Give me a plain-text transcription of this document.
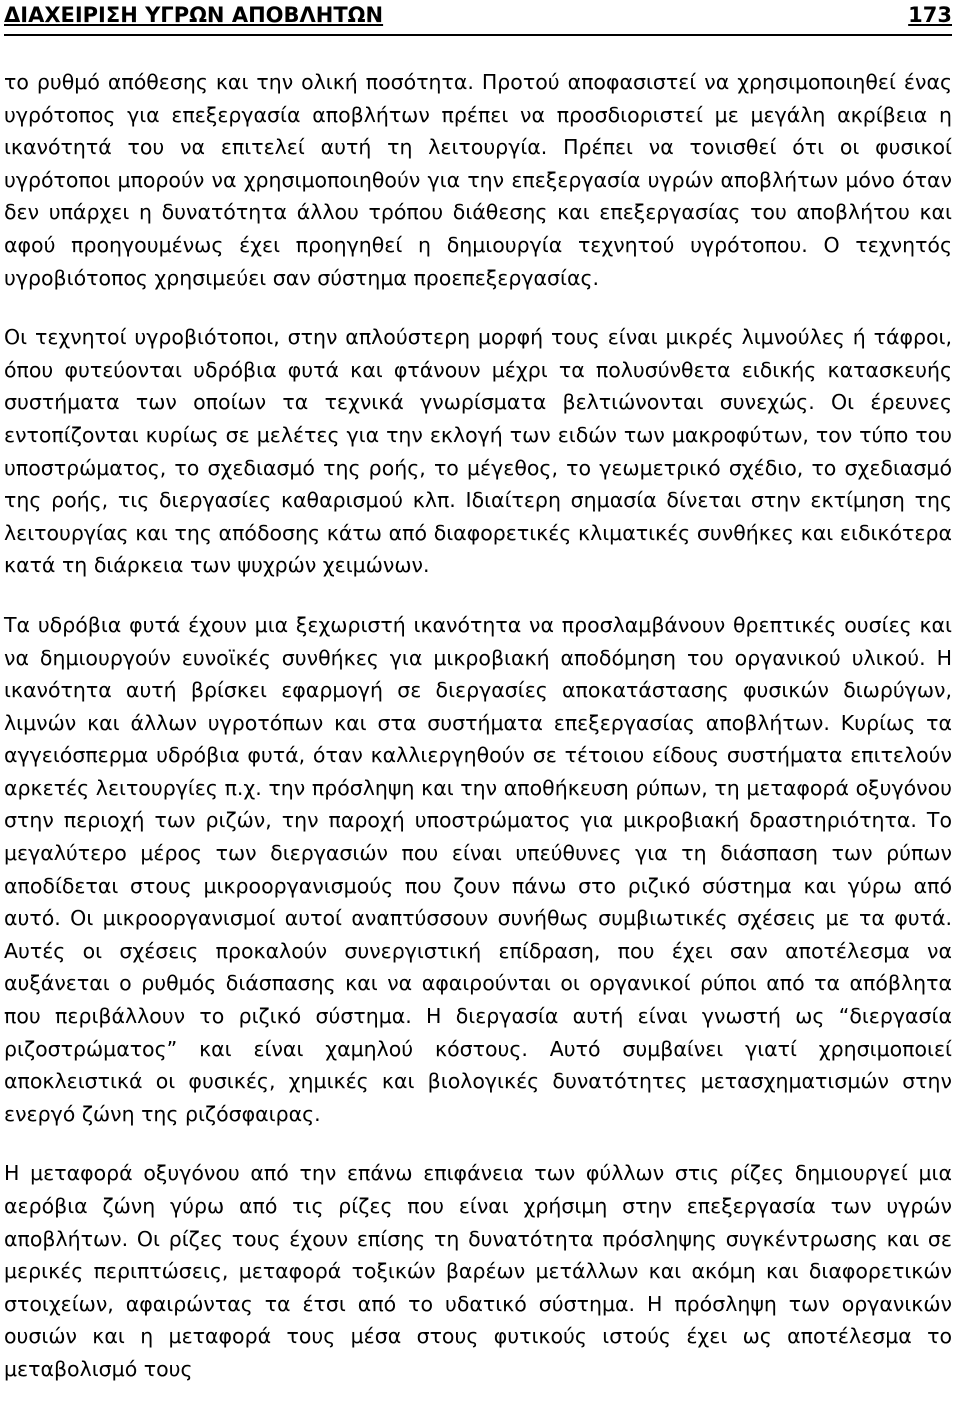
ΔΙΑΧΕΙΡΙΣΗ ΥΓΡΩΝ ΑΠΟΒΛΗΤΩΝ	173

το ρυθμό απόθεσης και την ολική ποσότητα. Προτού αποφασιστεί να χρησιμοποιηθεί ένας υγρότοπος για επεξεργασία αποβλήτων πρέπει να προσδιοριστεί με μεγάλη ακρίβεια η ικανότητά του να επιτελεί αυτή τη λειτουργία. Πρέπει να τονισθεί ότι οι φυσικοί υγρότοποι μπορούν να χρησιμοποιηθούν για την επεξεργασία υγρών αποβλήτων μόνο όταν δεν υπάρχει η δυνατότητα άλλου τρόπου διάθεσης και επεξεργασίας του αποβλήτου και αφού προηγουμένως έχει προηγηθεί η δημιουργία τεχνητού υγρότοπου. Ο τεχνητός υγροβιότοπος χρησιμεύει σαν σύστημα προεπεξεργασίας.

Οι τεχνητοί υγροβιότοποι, στην απλούστερη μορφή τους είναι μικρές λιμνούλες ή τάφροι, όπου φυτεύονται υδρόβια φυτά και φτάνουν μέχρι τα πολυσύνθετα ειδικής κατασκευής συστήματα των οποίων τα τεχνικά γνωρίσματα βελτιώνονται συνεχώς. Οι έρευνες εντοπίζονται κυρίως σε μελέτες για την εκλογή των ειδών των μακροφύτων, τον τύπο του υποστρώματος, το σχεδιασμό της ροής, το μέγεθος, το γεωμετρικό σχέδιο, το σχεδιασμό της ροής, τις διεργασίες καθαρισμού κλπ. Ιδιαίτερη σημασία δίνεται στην εκτίμηση της λειτουργίας και της απόδοσης κάτω από διαφορετικές κλιματικές συνθήκες και ειδικότερα κατά τη διάρκεια των ψυχρών χειμώνων.

Τα υδρόβια φυτά έχουν μια ξεχωριστή ικανότητα να προσλαμβάνουν θρεπτικές ουσίες και να δημιουργούν ευνοϊκές συνθήκες για μικροβιακή αποδόμηση του οργανικού υλικού. Η ικανότητα αυτή βρίσκει εφαρμογή σε διεργασίες αποκατάστασης φυσικών διωρύγων, λιμνών και άλλων υγροτόπων και στα συστήματα επεξεργασίας αποβλήτων. Κυρίως τα αγγειόσπερμα υδρόβια φυτά, όταν καλλιεργηθούν σε τέτοιου είδους συστήματα επιτελούν αρκετές λειτουργίες π.χ. την πρόσληψη και την αποθήκευση ρύπων, τη μεταφορά οξυγόνου στην περιοχή των ριζών, την παροχή υποστρώματος για μικροβιακή δραστηριότητα. Το μεγαλύτερο μέρος των διεργασιών που είναι υπεύθυνες για τη διάσπαση των ρύπων αποδίδεται στους μικροοργανισμούς που ζουν πάνω στο ριζικό σύστημα και γύρω από αυτό. Οι μικροοργανισμοί αυτοί αναπτύσσουν συνήθως συμβιωτικές σχέσεις με τα φυτά. Αυτές οι σχέσεις προκαλούν συνεργιστική επίδραση, που έχει σαν αποτέλεσμα να αυξάνεται ο ρυθμός διάσπασης και να αφαιρούνται οι οργανικοί ρύποι από τα απόβλητα που περιβάλλουν το ριζικό σύστημα. Η διεργασία αυτή είναι γνωστή ως “διεργασία ριζοστρώματος” και είναι χαμηλού κόστους. Αυτό συμβαίνει γιατί χρησιμοποιεί αποκλειστικά οι φυσικές, χημικές και βιολογικές δυνατότητες μετασχηματισμών στην ενεργό ζώνη της ριζόσφαιρας.

Η μεταφορά οξυγόνου από την επάνω επιφάνεια των φύλλων στις ρίζες δημιουργεί μια αερόβια ζώνη γύρω από τις ρίζες που είναι χρήσιμη στην επεξεργασία των υγρών αποβλήτων. Οι ρίζες τους έχουν επίσης τη δυνατότητα πρόσληψης συγκέντρωσης και σε μερικές περιπτώσεις, μεταφορά τοξικών βαρέων μετάλλων και ακόμη και διαφορετικών στοιχείων, αφαιρώντας τα έτσι από το υδατικό σύστημα. Η πρόσληψη των οργανικών ουσιών και η μεταφορά τους μέσα στους φυτικούς ιστούς έχει ως αποτέλεσμα το μεταβολισμό τους
